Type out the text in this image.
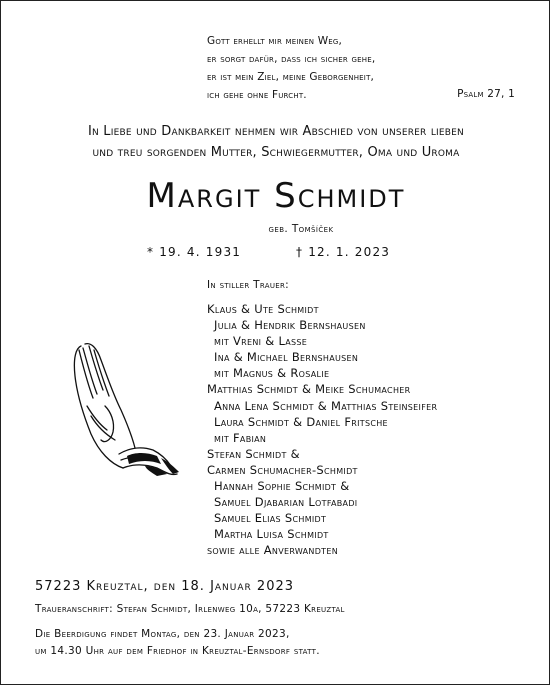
Gott erhellt mir meinen Weg,
er sorgt dafür, dass ich sicher gehe,
er ist mein Ziel, meine Geborgenheit,
ich gehe ohne Furcht.	Psalm 27, 1
In Liebe und Dankbarkeit nehmen wir Abschied von unserer lieben
und treu sorgenden Mutter, Schwiegermutter, Oma und Uroma
Margit Schmidt
geb. Tomšíček
* 19. 4. 1931	† 12. 1. 2023
In stiller Trauer:
Klaus & Ute Schmidt
Julia & Hendrik Bernshausen
mit Vreni & Lasse
Ina & Michael Bernshausen
mit Magnus & Rosalie
Matthias Schmidt & Meike Schumacher
Anna Lena Schmidt & Matthias Steinseifer
Laura Schmidt & Daniel Fritsche
mit Fabian
Stefan Schmidt &
Carmen Schumacher-Schmidt
Hannah Sophie Schmidt &
Samuel Djabarian Lotfabadi
Samuel Elias Schmidt
Martha Luisa Schmidt
sowie alle Anverwandten
57223 Kreuztal, den 18. Januar 2023
Traueranschrift: Stefan Schmidt, Irlenweg 10a, 57223 Kreuztal
Die Beerdigung findet Montag, den 23. Januar 2023,
um 14.30 Uhr auf dem Friedhof in Kreuztal-Ernsdorf statt.
